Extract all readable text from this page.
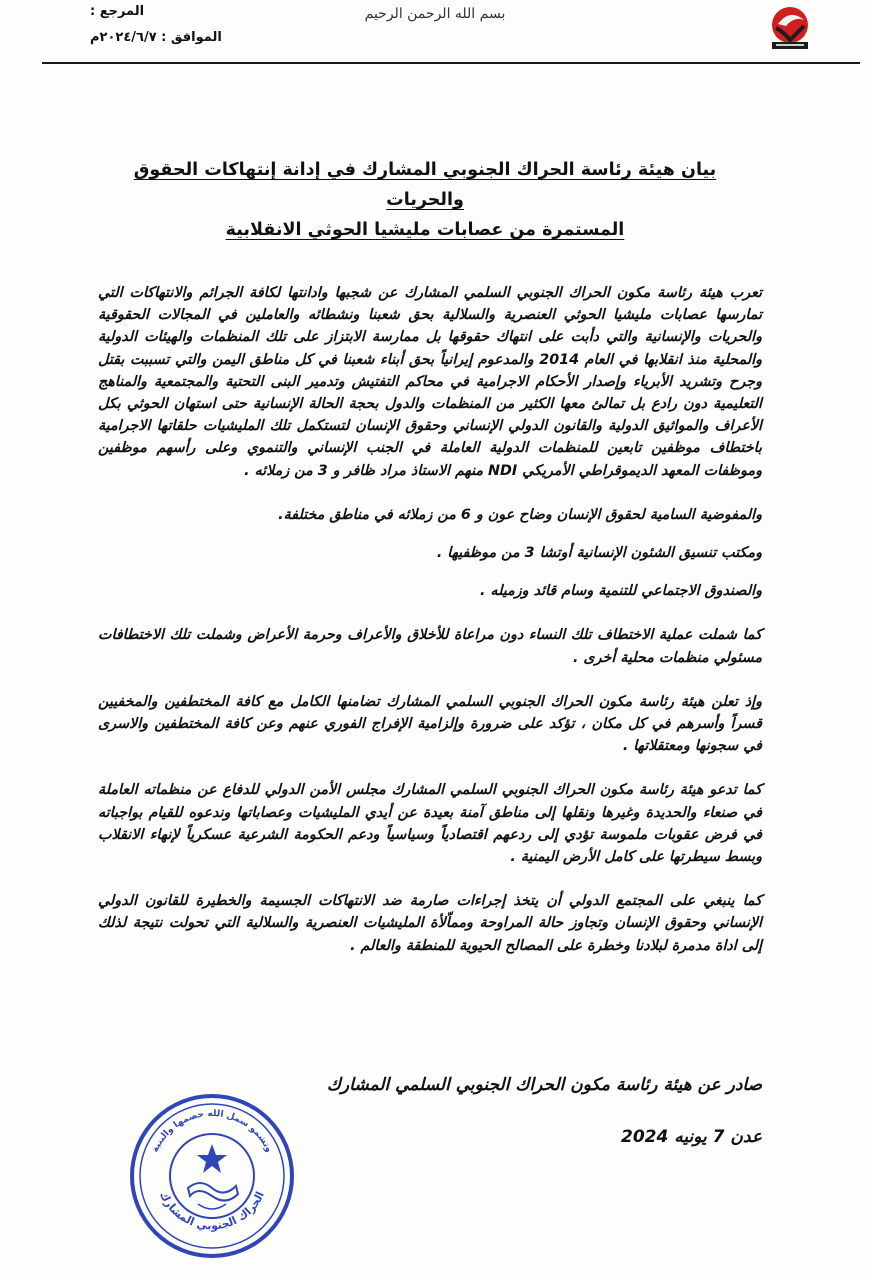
المرجع :
الموافق : ٢٠٢٤/٦/٧م
بسم الله الرحمن الرحيم
بيان هيئة رئاسة الحراك الجنوبي المشارك في إدانة إنتهاكات الحقوق والحريات
المستمرة من عصابات مليشيا الحوثي الانقلابية

تعرب هيئة رئاسة مكون الحراك الجنوبي السلمي المشارك عن شجبها وادانتها لكافة الجرائم والانتهاكات التي تمارسها عصابات مليشيا الحوثي العنصرية والسلالية بحق شعبنا ونشطائه والعاملين في المجالات الحقوقية والحريات والإنسانية والتي دأبت على انتهاك حقوقها بل ممارسة الابتزاز على تلك المنظمات والهيئات الدولية والمحلية منذ انقلابها في العام 2014 والمدعوم إيرانياً بحق أبناء شعبنا في كل مناطق اليمن والتي تسببت بقتل وجرح وتشريد الأبرياء وإصدار الأحكام الاجرامية في محاكم التفتيش وتدمير البنى التحتية والمجتمعية والمناهج التعليمية دون رادع بل تمالئ معها الكثير من المنظمات والدول بحجة الحالة الإنسانية حتى استهان الحوثي بكل الأعراف والمواثيق الدولية والقانون الدولي الإنساني وحقوق الإنسان لتستكمل تلك المليشيات حلقاتها الاجرامية باختطاف موظفين تابعين للمنظمات الدولية العاملة في الجنب الإنساني والتنموي وعلى رأسهم موظفين وموظفات المعهد الديموقراطي الأمريكي NDI منهم الاستاذ مراد ظافر و 3 من زملائه .

والمفوضية السامية لحقوق الإنسان وضاح عون و 6 من زملائه في مناطق مختلفة.

ومكتب تنسيق الشئون الإنسانية أوتشا 3 من موظفيها .

والصندوق الاجتماعي للتنمية وسام قائد وزميله .

كما شملت عملية الاختطاف تلك النساء دون مراعاة للأخلاق والأعراف وحرمة الأعراض وشملت تلك الاختطافات مسئولي منظمات محلية أخرى .

وإذ تعلن هيئة رئاسة مكون الحراك الجنوبي السلمي المشارك تضامنها الكامل مع كافة المختطفين والمخفيين قسراً وأسرهم في كل مكان ، تؤكد على ضرورة وإلزامية الإفراج الفوري عنهم وعن كافة المختطفين والاسرى في سجونها ومعتقلاتها .

كما تدعو هيئة رئاسة مكون الحراك الجنوبي السلمي المشارك مجلس الأمن الدولي للدفاع عن منظماته العاملة في صنعاء والحديدة وغيرها ونقلها إلى مناطق آمنة بعيدة عن أيدي المليشيات وعصاباتها وندعوه للقيام بواجباته في فرض عقوبات ملموسة تؤدي إلى ردعهم اقتصادياً وسياسياً ودعم الحكومة الشرعية عسكرياً لإنهاء الانقلاب وبسط سيطرتها على كامل الأرض اليمنية .

كما ينبغي على المجتمع الدولي أن يتخذ إجراءات صارمة ضد الانتهاكات الجسيمة والخطيرة للقانون الدولي الإنساني وحقوق الإنسان وتجاوز حالة المراوحة ومماّلأة المليشيات العنصرية والسلالية التي تحولت نتيجة لذلك إلى اداة مدمرة لبلادنا وخطرة على المصالح الحيوية للمنطقة والعالم .

صادر عن هيئة رئاسة مكون الحراك الجنوبي السلمي المشارك
عدن 7 يونيه 2024
وتشمو سمل الله حصمها والبنية
الحراك الجنوبي المشارك
